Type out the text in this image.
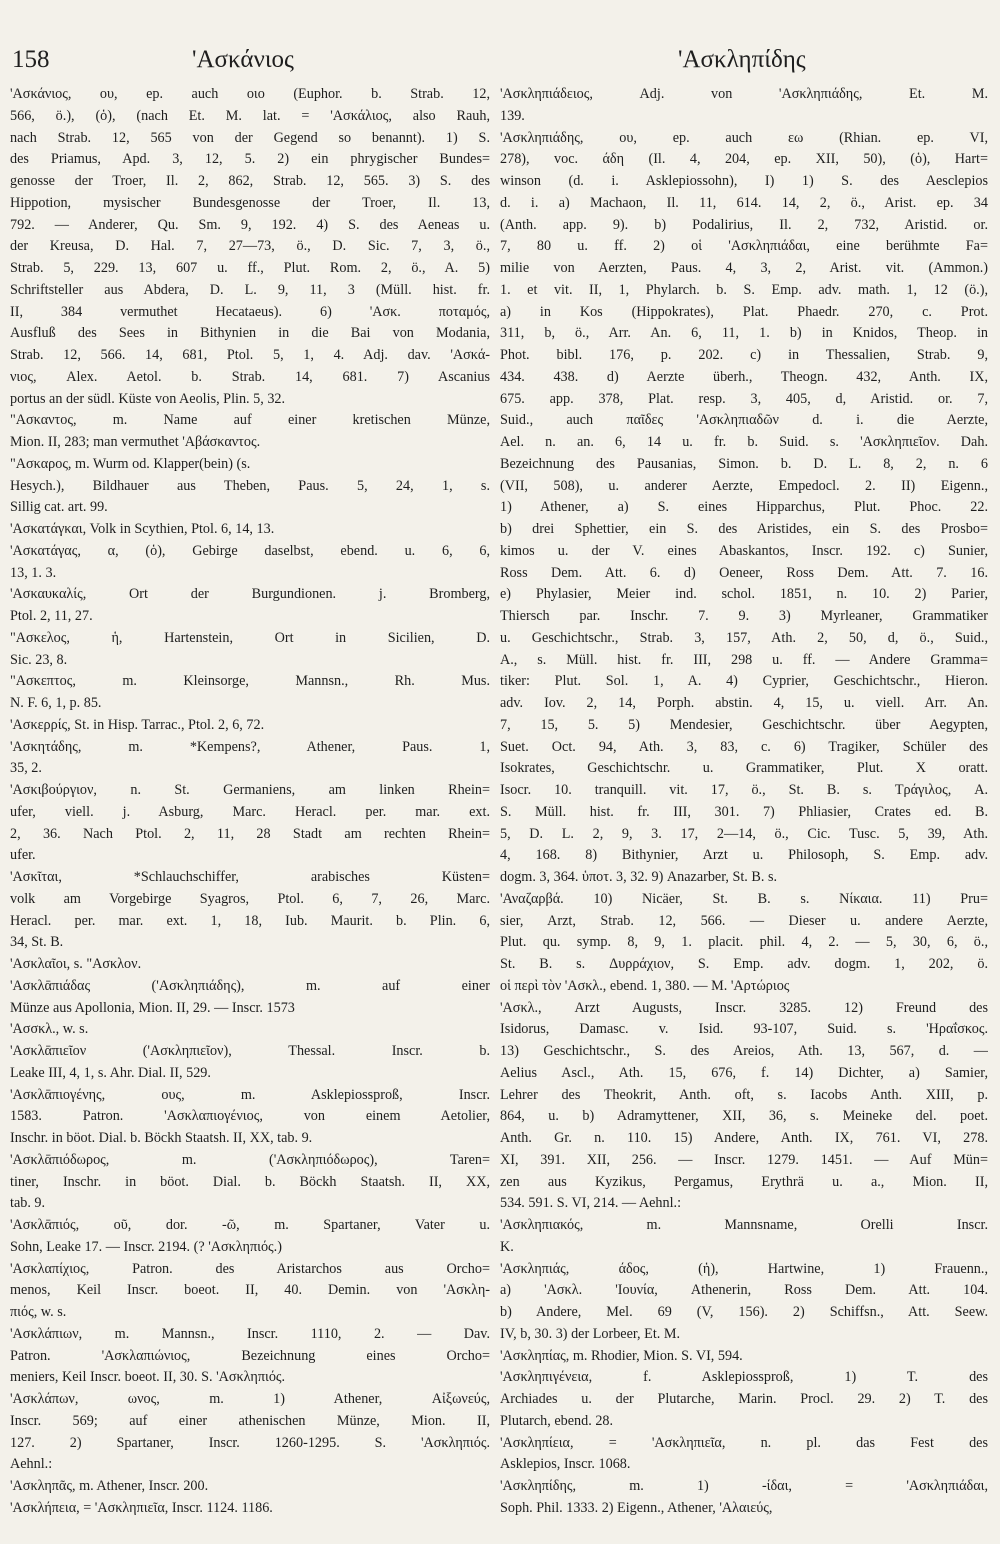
158	'Ασκάνιος	'Ασκληπίδης
'Ασκάνιος, ου, ep. auch οιο (Euphor. b. Strab. 12,
566, ö.), (ὁ), (nach Et. M. lat. = 'Ασκάλιος, also Rauh,
nach Strab. 12, 565 von der Gegend so benannt). 1) S.
des Priamus, Apd. 3, 12, 5. 2) ein phrygischer Bundes=
genosse der Troer, Il. 2, 862, Strab. 12, 565. 3) S. des
Hippotion, mysischer Bundesgenosse der Troer, Il. 13,
792. — Anderer, Qu. Sm. 9, 192. 4) S. des Aeneas u.
der Kreusa, D. Hal. 7, 27—73, ö., D. Sic. 7, 3, ö.,
Strab. 5, 229. 13, 607 u. ff., Plut. Rom. 2, ö., A. 5)
Schriftsteller aus Abdera, D. L. 9, 11, 3 (Müll. hist. fr.
II, 384 vermuthet Hecataeus). 6) 'Ασκ. ποταμός,
Ausfluß des Sees in Bithynien in die Bai von Modania,
Strab. 12, 566. 14, 681, Ptol. 5, 1, 4. Adj. dav. 'Ασκά-
νιος, Alex. Aetol. b. Strab. 14, 681. 7) Ascanius
portus an der südl. Küste von Aeolis, Plin. 5, 32.
"Ασκαντος, m. Name auf einer kretischen Münze,
Mion. II, 283; man vermuthet 'Αβάσκαντος.
"Ασκαρος, m. Wurm od. Klapper(bein) (s.
Hesych.), Bildhauer aus Theben, Paus. 5, 24, 1, s.
Sillig cat. art. 99.
'Ασκατάγκαι, Volk in Scythien, Ptol. 6, 14, 13.
'Ασκατάγας, α, (ὁ), Gebirge daselbst, ebend. u. 6, 6,
13, 1. 3.
'Ασκαυκαλίς, Ort der Burgundionen. j. Bromberg,
Ptol. 2, 11, 27.
"Ασκελος, ἡ, Hartenstein, Ort in Sicilien, D.
Sic. 23, 8.
"Ασκεπτος, m. Kleinsorge, Mannsn., Rh. Mus.
N. F. 6, 1, p. 85.
'Ασκερρίς, St. in Hisp. Tarrac., Ptol. 2, 6, 72.
'Ασκητάδης, m. *Kempens?, Athener, Paus. 1,
35, 2.
'Ασκιβούργιον, n. St. Germaniens, am linken Rhein=
ufer, viell. j. Asburg, Marc. Heracl. per. mar. ext.
2, 36. Nach Ptol. 2, 11, 28 Stadt am rechten Rhein=
ufer.
'Ασκῖται, *Schlauchschiffer, arabisches Küsten=
volk am Vorgebirge Syagros, Ptol. 6, 7, 26, Marc.
Heracl. per. mar. ext. 1, 18, Iub. Maurit. b. Plin. 6,
34, St. B.
'Ασκλαῖοι, s. "Ασκλον.
'Ασκλᾱπιάδας ('Ασκληπιάδης), m. auf einer
Münze aus Apollonia, Mion. II, 29. — Inscr. 1573
'Ασσκλ., w. s.
'Ασκλᾱπιεῖον ('Ασκληπιεῖον), Thessal. Inscr. b.
Leake III, 4, 1, s. Ahr. Dial. II, 529.
'Ασκλᾱπιογένης, ους, m. Asklepiossproß, Inscr.
1583. Patron. 'Ασκλαπιογένιος, von einem Aetolier,
Inschr. in böot. Dial. b. Böckh Staatsh. II, XX, tab. 9.
'Ασκλᾱπιόδωρος, m. ('Ασκληπιόδωρος), Taren=
tiner, Inschr. in böot. Dial. b. Böckh Staatsh. II, XX,
tab. 9.
'Ασκλᾱπιός, οῦ, dor. -ῶ, m. Spartaner, Vater u.
Sohn, Leake 17. — Inscr. 2194. (? 'Ασκληπιός.)
'Ασκλαπίχιος, Patron. des Aristarchos aus Orcho=
menos, Keil Inscr. boeot. II, 40. Demin. von 'Ασκλη-
πιός, w. s.
'Ασκλάπιων, m. Mannsn., Inscr. 1110, 2. — Dav.
Patron. 'Ασκλαπιώνιος, Bezeichnung eines Orcho=
meniers, Keil Inscr. boeot. II, 30. S. 'Ασκληπιός.
'Ασκλάπων, ωνος, m. 1) Athener, Αἰξωνεύς,
Inscr. 569; auf einer athenischen Münze, Mion. II,
127. 2) Spartaner, Inscr. 1260-1295. S. 'Ασκληπιός.
Aehnl.:
'Ασκληπᾶς, m. Athener, Inscr. 200.
'Ασκλήπεια, = 'Ασκληπιεῖα, Inscr. 1124. 1186.
'Ασκληπιάδειος, Adj. von 'Ασκληπιάδης, Et. M.
139.
'Ασκληπιάδης, ου, ep. auch εω (Rhian. ep. VI,
278), voc. άδη (Il. 4, 204, ep. XII, 50), (ὁ), Hart=
winson (d. i. Asklepiossohn), I) 1) S. des Aesclepios
d. i. a) Machaon, Il. 11, 614. 14, 2, ö., Arist. ep. 34
(Anth. app. 9). b) Podalirius, Il. 2, 732, Aristid. or.
7, 80 u. ff. 2) οἱ 'Ασκληπιάδαι, eine berühmte Fa=
milie von Aerzten, Paus. 4, 3, 2, Arist. vit. (Ammon.)
1. et vit. II, 1, Phylarch. b. S. Emp. adv. math. 1, 12 (ö.),
a) in Kos (Hippokrates), Plat. Phaedr. 270, c. Prot.
311, b, ö., Arr. An. 6, 11, 1. b) in Knidos, Theop. in
Phot. bibl. 176, p. 202. c) in Thessalien, Strab. 9,
434. 438. d) Aerzte überh., Theogn. 432, Anth. IX,
675. app. 378, Plat. resp. 3, 405, d, Aristid. or. 7,
Suid., auch παῖδες 'Ασκληπιαδῶν d. i. die Aerzte,
Ael. n. an. 6, 14 u. fr. b. Suid. s. 'Ασκληπιεῖον. Dah.
Bezeichnung des Pausanias, Simon. b. D. L. 8, 2, n. 6
(VII, 508), u. anderer Aerzte, Empedocl. 2. II) Eigenn.,
1) Athener, a) S. eines Hipparchus, Plut. Phoc. 22.
b) drei Sphettier, ein S. des Aristides, ein S. des Prosbo=
kimos u. der V. eines Abaskantos, Inscr. 192. c) Sunier,
Ross Dem. Att. 6. d) Oeneer, Ross Dem. Att. 7. 16.
e) Phylasier, Meier ind. schol. 1851, n. 10. 2) Parier,
Thiersch par. Inschr. 7. 9. 3) Myrleaner, Grammatiker
u. Geschichtschr., Strab. 3, 157, Ath. 2, 50, d, ö., Suid.,
A., s. Müll. hist. fr. III, 298 u. ff. — Andere Gramma=
tiker: Plut. Sol. 1, A. 4) Cyprier, Geschichtschr., Hieron.
adv. Iov. 2, 14, Porph. abstin. 4, 15, u. viell. Arr. An.
7, 15, 5. 5) Mendesier, Geschichtschr. über Aegypten,
Suet. Oct. 94, Ath. 3, 83, c. 6) Tragiker, Schüler des
Isokrates, Geschichtschr. u. Grammatiker, Plut. X oratt.
Isocr. 10. tranquill. vit. 17, ö., St. B. s. Τράγιλος, A.
S. Müll. hist. fr. III, 301. 7) Phliasier, Crates ed. B.
5, D. L. 2, 9, 3. 17, 2—14, ö., Cic. Tusc. 5, 39, Ath.
4, 168. 8) Bithynier, Arzt u. Philosoph, S. Emp. adv.
dogm. 3, 364. ὑποτ. 3, 32. 9) Anazarber, St. B. s.
'Αναζαρβά. 10) Nicäer, St. B. s. Νίκαια. 11) Pru=
sier, Arzt, Strab. 12, 566. — Dieser u. andere Aerzte,
Plut. qu. symp. 8, 9, 1. placit. phil. 4, 2. — 5, 30, 6, ö.,
St. B. s. Δυρράχιον, S. Emp. adv. dogm. 1, 202, ö.
οἱ περὶ τὸν 'Ασκλ., ebend. 1, 380. — M. 'Αρτώριος
'Ασκλ., Arzt Augusts, Inscr. 3285. 12) Freund des
Isidorus, Damasc. v. Isid. 93-107, Suid. s. 'Ηραΐσκος.
13) Geschichtschr., S. des Areios, Ath. 13, 567, d. —
Aelius Ascl., Ath. 15, 676, f. 14) Dichter, a) Samier,
Lehrer des Theokrit, Anth. oft, s. Iacobs Anth. XIII, p.
864, u. b) Adramyttener, XII, 36, s. Meineke del. poet.
Anth. Gr. n. 110. 15) Andere, Anth. IX, 761. VI, 278.
XI, 391. XII, 256. — Inscr. 1279. 1451. — Auf Mün=
zen aus Kyzikus, Pergamus, Erythrä u. a., Mion. II,
534. 591. S. VI, 214. — Aehnl.:
'Ασκληπιακός, m. Mannsname, Orelli Inscr.
K.
'Ασκληπιάς, άδος, (ἡ), Hartwine, 1) Frauenn.,
a) 'Ασκλ. 'Ιουνία, Athenerin, Ross Dem. Att. 104.
b) Andere, Mel. 69 (V, 156). 2) Schiffsn., Att. Seew.
IV, b, 30. 3) der Lorbeer, Et. M.
'Ασκληπίας, m. Rhodier, Mion. S. VI, 594.
'Ασκληπιγένεια, f. Asklepiossproß, 1) T. des
Archiades u. der Plutarche, Marin. Procl. 29. 2) T. des
Plutarch, ebend. 28.
'Ασκληπίεια, = 'Ασκληπιεῖα, n. pl. das Fest des
Asklepios, Inscr. 1068.
'Ασκληπίδης, m. 1) -ίδαι, = 'Ασκληπιάδαι,
Soph. Phil. 1333. 2) Eigenn., Athener, 'Αλαιεύς,
